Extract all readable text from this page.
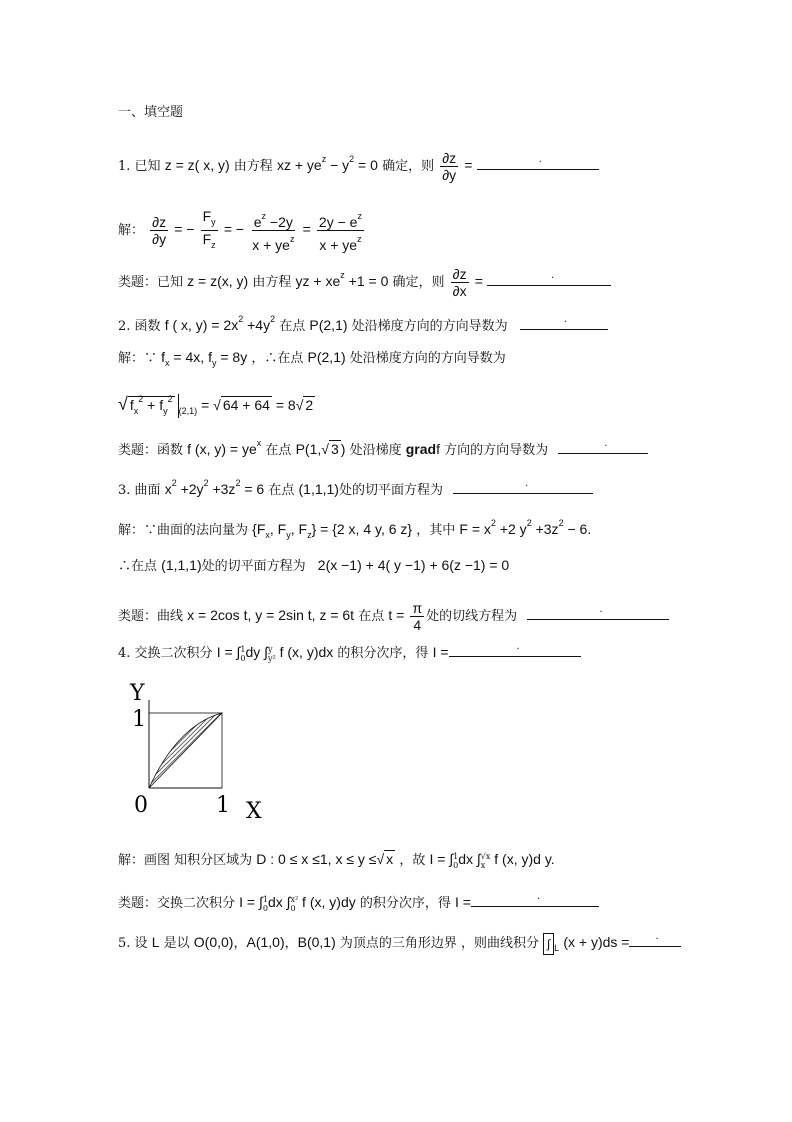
一、填空题
1. 已知 z = z( x, y) 由方程 xz + $ye^z - y^2 = 0$ 确定，则 $\frac{\partial z}{\partial y}$ =	.
解： $\frac{\partial z}{\partial y}$ = − $\frac{F_y}{F_z}$ = − $\frac{e^z -2y}{x + ye^z} = \frac{2y - e^z}{x + ye^z}$
类题：已知 z = z(x, y) 由方程 yz + $xe^z +1 = 0$ 确定，则 $\frac{\partial z}{\partial x}$ =	.
2. 函数 f ( x, $y) = 2x^2 +4y^2$ 在点 P(2,1) 处沿梯度方向的方向导数为	.
解：∵ $f_x = 4x$, $f_y = 8y$ ，∴在点 P(2,1) 处沿梯度方向的方向导数为
√ $f_x^2 + f_y^2_{(2,1)}$ = √ 64 + 64 = 8√ 2
类题：函数 f (x, $y) = ye^x$ 在点 P(1,√ 3 ) 处沿梯度 gradf 方向的方向导数为	.
3. 曲面 $x^2 +2y^2 +3z^2 = 6$ 在点 (1,1,1)处的切平面方程为	.
解：∵曲面的法向量为 {$F_x$, $F_y$, $F_z\} = \{2$ x, 4 y, 6 z} ，其中 $F = x^2 +2$ $y^2 +3z^2 - 6$.
∴在点 (1,1,1)处的切平面方程为 2(x −1) + 4( y −1) + 6(z −1) = 0
类题：曲线 x = 2cos t, y = 2sin t, z = 6t 在点 $t = \frac{\pi}{4}$ 处的切线方程为	.
4. 交换二次积分 I = ∫ 1
0 dy ∫ y
y² f (x, y)dx 的积分次序，得 I =	.
Y
1
0	1 X
解：画图 知积分区域为 D : 0 ≤ x ≤1, x ≤ y ≤√ x ，故 I = ∫ 1
0 dx ∫ √x
x f (x, y)d y.
类题：交换二次积分 I = ∫ 1
0 dx ∫ x²
0 f (x, y)dy 的积分次序，得 I =	.
5. 设 L 是以 O(0,0)，A(1,0)，B(0,1) 为顶点的三角形边界 ，则曲线积分 ∫ $_L$ (x + y)ds =	.
